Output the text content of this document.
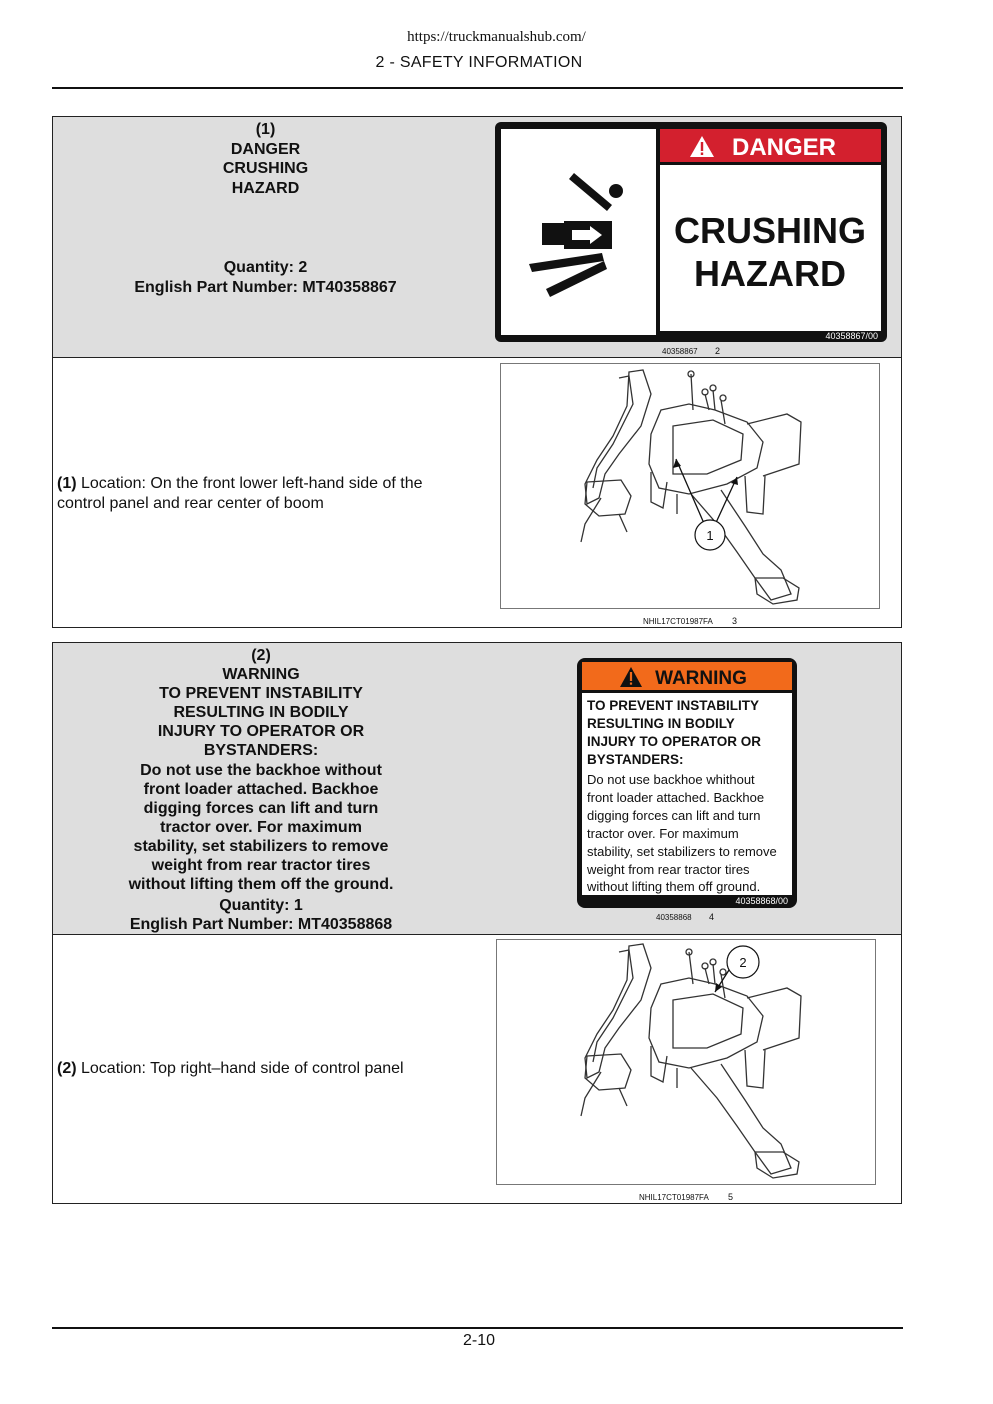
https://truckmanualshub.com/
2 - SAFETY INFORMATION
(1)
DANGER
CRUSHING
HAZARD
Quantity: 2
English Part Number: MT40358867
DANGER
CRUSHING
HAZARD
40358867/00
40358867 2
(1) Location: On the front lower left-hand side of the control panel and rear center of boom
1
NHIL17CT01987FA 3
(2)
WARNING
TO PREVENT INSTABILITY
RESULTING IN BODILY
INJURY TO OPERATOR OR
BYSTANDERS:
Do not use the backhoe without
front loader attached. Backhoe
digging forces can lift and turn
tractor over. For maximum
stability, set stabilizers to remove
weight from rear tractor tires
without lifting them off the ground.
Quantity: 1
English Part Number: MT40358868
WARNING
TO PREVENT INSTABILITY
RESULTING IN BODILY
INJURY TO OPERATOR OR
BYSTANDERS:
Do not use backhoe whithout
front loader attached. Backhoe
digging forces can lift and turn
tractor over. For maximum
stability, set stabilizers to remove
weight from rear tractor tires
without lifting them off ground.
40358868/00
40358868 4
(2) Location: Top right–hand side of control panel
2
NHIL17CT01987FA 5
2-10
